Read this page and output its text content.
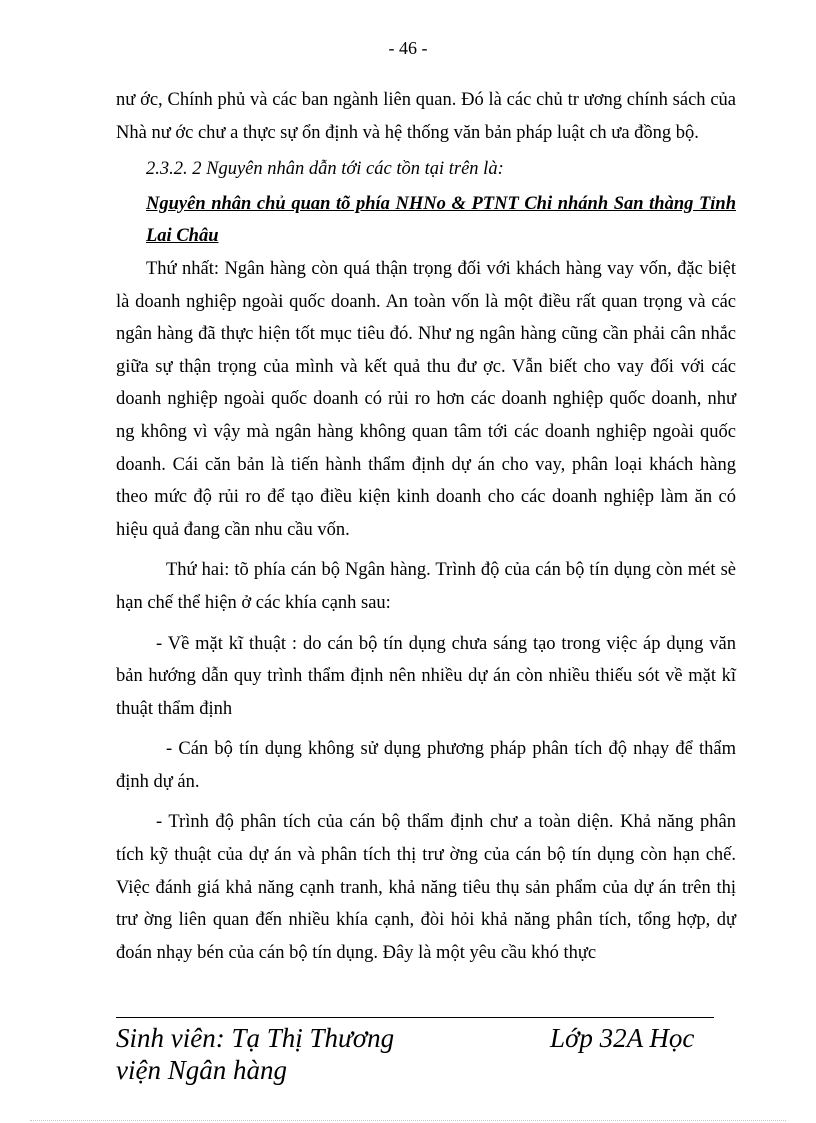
- 46 -

nư ớc, Chính phủ và các ban ngành liên quan. Đó là các chủ tr ương chính sách của Nhà nư ớc chư a thực sự ổn định và hệ thống văn bản pháp luật ch ưa đồng bộ.

2.3.2. 2 Nguyên nhân dẫn tới các tồn tại trên là:

Nguyên nhân chủ quan tõ phía NHNo & PTNT Chi nhánh San thàng Tỉnh Lai Châu

Thứ nhất: Ngân hàng còn quá thận trọng đối với khách hàng vay vốn, đặc biệt là doanh nghiệp ngoài quốc doanh. An toàn vốn là một điều rất quan trọng và các ngân hàng đã thực hiện tốt mục tiêu đó. Như ng ngân hàng cũng cần phải cân nhắc giữa sự thận trọng của mình và kết quả thu đư ợc. Vẫn biết cho vay đối với các doanh nghiệp ngoài quốc doanh có rủi ro hơn các doanh nghiệp quốc doanh, như ng không vì vậy mà ngân hàng không quan tâm tới các doanh nghiệp ngoài quốc doanh. Cái căn bản là tiến hành thẩm định dự án cho vay, phân loại khách hàng theo mức độ rủi ro để tạo điều kiện kinh doanh cho các doanh nghiệp làm ăn có hiệu quả đang cần nhu cầu vốn.

Thứ hai: tõ phía cán bộ Ngân hàng. Trình độ của cán bộ tín dụng còn mét sè hạn chế thể hiện ở các khía cạnh sau:

- Về mặt kĩ thuật : do cán bộ tín dụng chưa sáng tạo trong việc áp dụng văn bản hướng dẫn quy trình thẩm định nên nhiều dự án còn nhiều thiếu sót về mặt kĩ thuật thẩm định

- Cán bộ tín dụng không sử dụng phương pháp phân tích độ nhạy để thẩm định dự án.

- Trình độ phân tích của cán bộ thẩm định chư a toàn diện. Khả năng phân tích kỹ thuật của dự án và phân tích thị trư ờng của cán bộ tín dụng còn hạn chế. Việc đánh giá khả năng cạnh tranh, khả năng tiêu thụ sản phẩm của dự án trên thị trư ờng liên quan đến nhiều khía cạnh, đòi hỏi khả năng phân tích, tổng hợp, dự đoán nhạy bén của cán bộ tín dụng. Đây là một yêu cầu khó thực

Sinh viên: Tạ Thị Thương	Lớp 32A Học
viện Ngân hàng
